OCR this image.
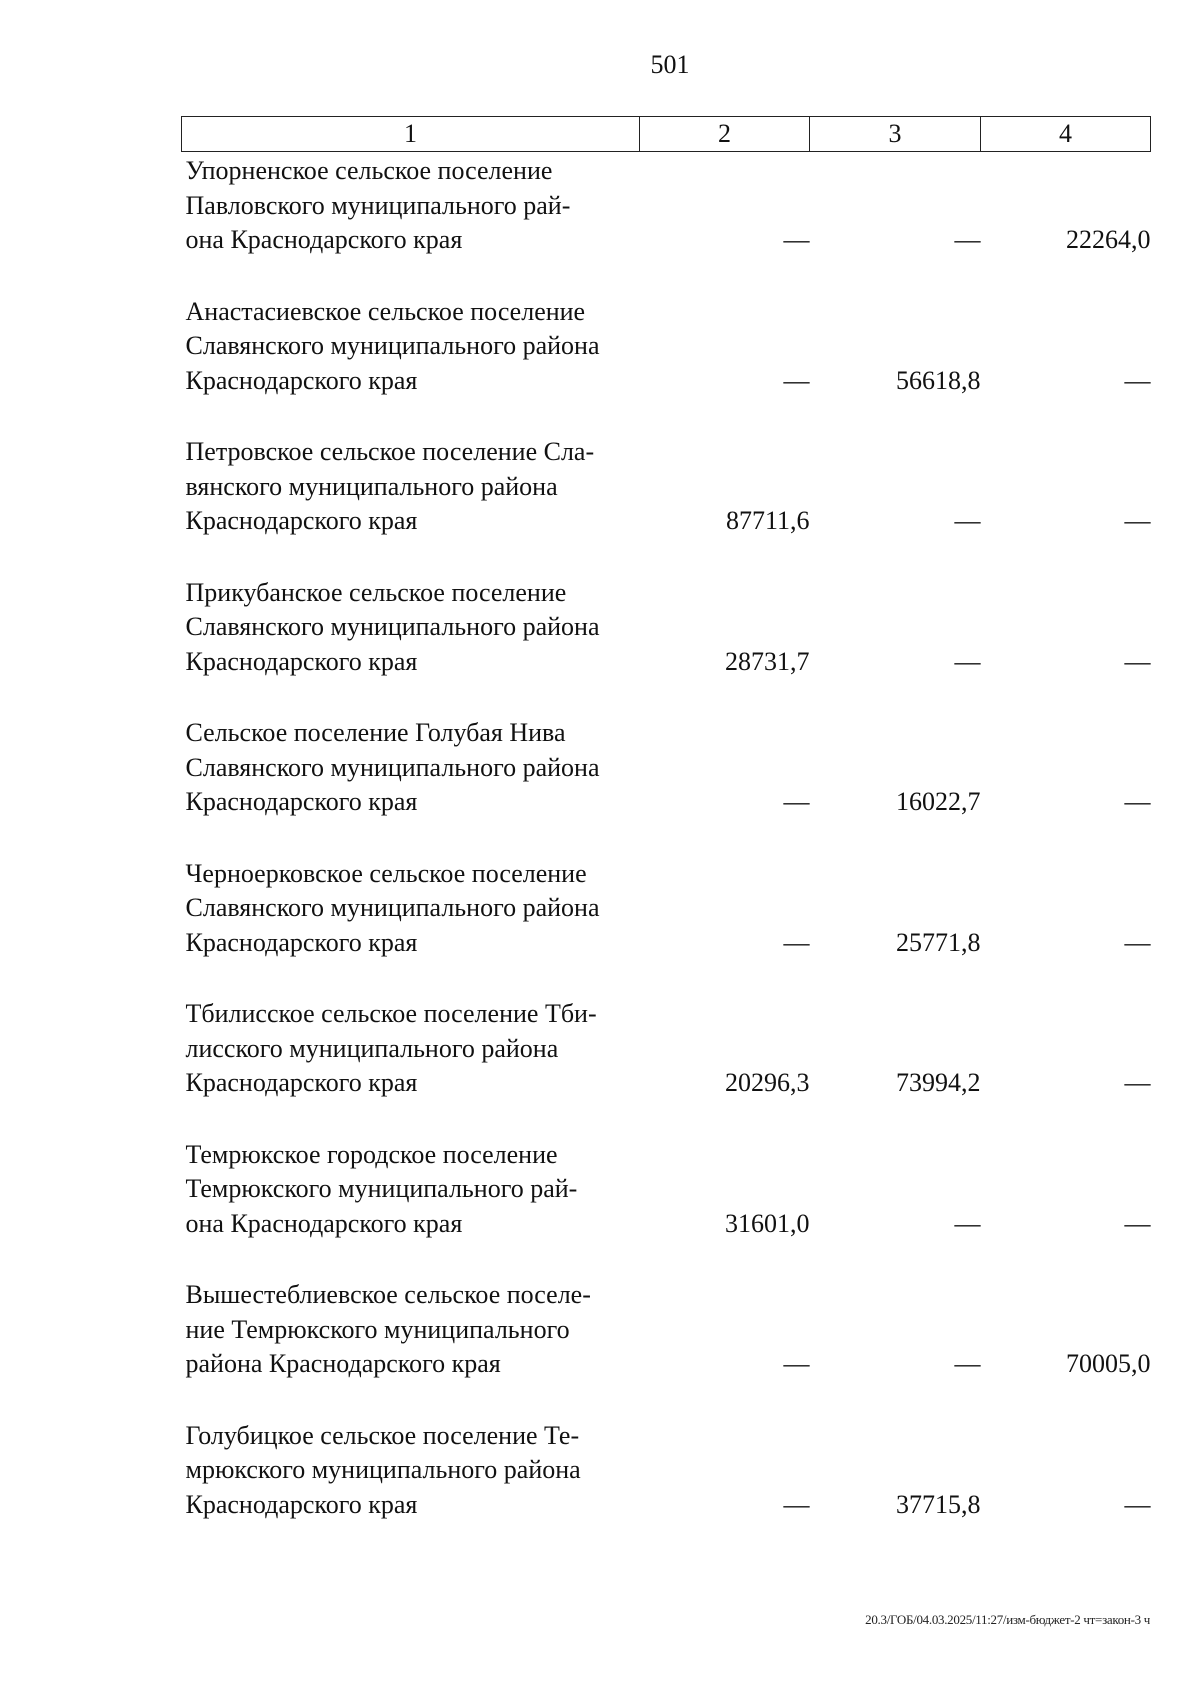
501
1	2	3	4

Упорненское сельское поселение
Павловского муниципального рай-
она Краснодарского края	—	—	22264,0

Анастасиевское сельское поселение
Славянского муниципального района
Краснодарского края	—	56618,8	—

Петровское сельское поселение Сла-
вянского муниципального района
Краснодарского края	87711,6	—	—

Прикубанское сельское поселение
Славянского муниципального района
Краснодарского края	28731,7	—	—

Сельское поселение Голубая Нива
Славянского муниципального района
Краснодарского края	—	16022,7	—

Черноерковское сельское поселение
Славянского муниципального района
Краснодарского края	—	25771,8	—

Тбилисское сельское поселение Тби-
лисского муниципального района
Краснодарского края	20296,3	73994,2	—

Темрюкское городское поселение
Темрюкского муниципального рай-
она Краснодарского края	31601,0	—	—

Вышестеблиевское сельское поселе-
ние Темрюкского муниципального
района Краснодарского края	—	—	70005,0

Голубицкое сельское поселение Те-
мрюкского муниципального района
Краснодарского края	—	37715,8	—
20.3/ГОБ/04.03.2025/11:27/изм-бюджет-2 чт=закон-3 ч
